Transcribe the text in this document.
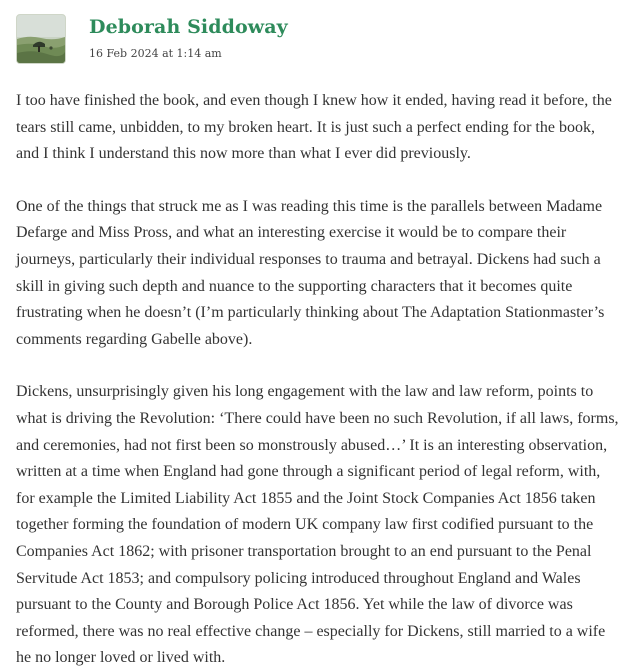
Deborah Siddoway
16 Feb 2024 at 1:14 am

I too have finished the book, and even though I knew how it ended, having read it before, the tears still came, unbidden, to my broken heart. It is just such a perfect ending for the book, and I think I understand this now more than what I ever did previously.

One of the things that struck me as I was reading this time is the parallels between Madame Defarge and Miss Pross, and what an interesting exercise it would be to compare their journeys, particularly their individual responses to trauma and betrayal. Dickens had such a skill in giving such depth and nuance to the supporting characters that it becomes quite frustrating when he doesn’t (I’m particularly thinking about The Adaptation Stationmaster’s comments regarding Gabelle above).

Dickens, unsurprisingly given his long engagement with the law and law reform, points to what is driving the Revolution: ‘There could have been no such Revolution, if all laws, forms, and ceremonies, had not first been so monstrously abused…’ It is an interesting observation, written at a time when England had gone through a significant period of legal reform, with, for example the Limited Liability Act 1855 and the Joint Stock Companies Act 1856 taken together forming the foundation of modern UK company law first codified pursuant to the Companies Act 1862; with prisoner transportation brought to an end pursuant to the Penal Servitude Act 1853; and compulsory policing introduced throughout England and Wales pursuant to the County and Borough Police Act 1856. Yet while the law of divorce was reformed, there was no real effective change – especially for Dickens, still married to a wife he no longer loved or lived with.
